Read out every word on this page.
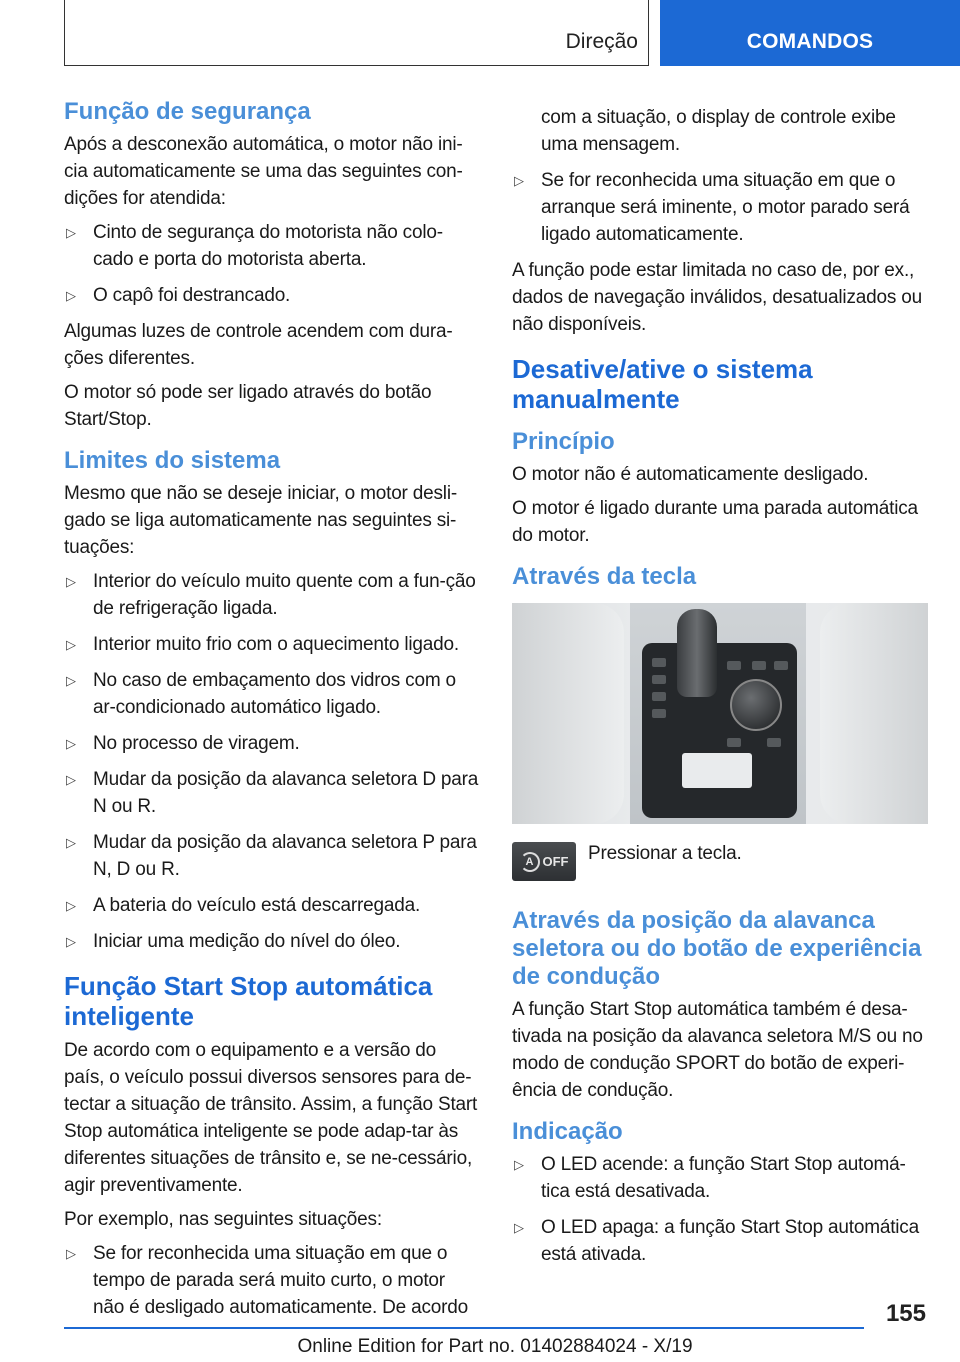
Direção	COMANDOS
Função de segurança

Após a desconexão automática, o motor não ini-cia automaticamente se uma das seguintes con-dições for atendida:

▷ Cinto de segurança do motorista não colo-cado e porta do motorista aberta.
▷ O capô foi destrancado.

Algumas luzes de controle acendem com dura-ções diferentes.

O motor só pode ser ligado através do botão Start/Stop.

Limites do sistema

Mesmo que não se deseje iniciar, o motor desli-gado se liga automaticamente nas seguintes si-tuações:

▷ Interior do veículo muito quente com a fun-ção de refrigeração ligada.
▷ Interior muito frio com o aquecimento ligado.
▷ No caso de embaçamento dos vidros com o ar-condicionado automático ligado.
▷ No processo de viragem.
▷ Mudar da posição da alavanca seletora D para N ou R.
▷ Mudar da posição da alavanca seletora P para N, D ou R.
▷ A bateria do veículo está descarregada.
▷ Iniciar uma medição do nível do óleo.
Função Start Stop automática inteligente

De acordo com o equipamento e a versão do país, o veículo possui diversos sensores para de-tectar a situação de trânsito. Assim, a função Start Stop automática inteligente se pode adap-tar às diferentes situações de trânsito e, se ne-cessário, agir preventivamente.

Por exemplo, nas seguintes situações:

▷ Se for reconhecida uma situação em que o tempo de parada será muito curto, o motor não é desligado automaticamente. De acordo
com a situação, o display de controle exibe uma mensagem.
▷ Se for reconhecida uma situação em que o arranque será iminente, o motor parado será ligado automaticamente.

A função pode estar limitada no caso de, por ex., dados de navegação inválidos, desatualizados ou não disponíveis.

Desative/ative o sistema manualmente
Princípio

O motor não é automaticamente desligado.

O motor é ligado durante uma parada automática do motor.

Através da tecla
A OFF Pressionar a tecla.

Através da posição da alavanca seletora ou do botão de experiência de condução

A função Start Stop automática também é desa-tivada na posição da alavanca seletora M/S ou no modo de condução SPORT do botão de experi-ência de condução.

Indicação
▷ O LED acende: a função Start Stop automá-tica está desativada.
▷ O LED apaga: a função Start Stop automática está ativada.
155
Online Edition for Part no. 01402884024 - X/19
